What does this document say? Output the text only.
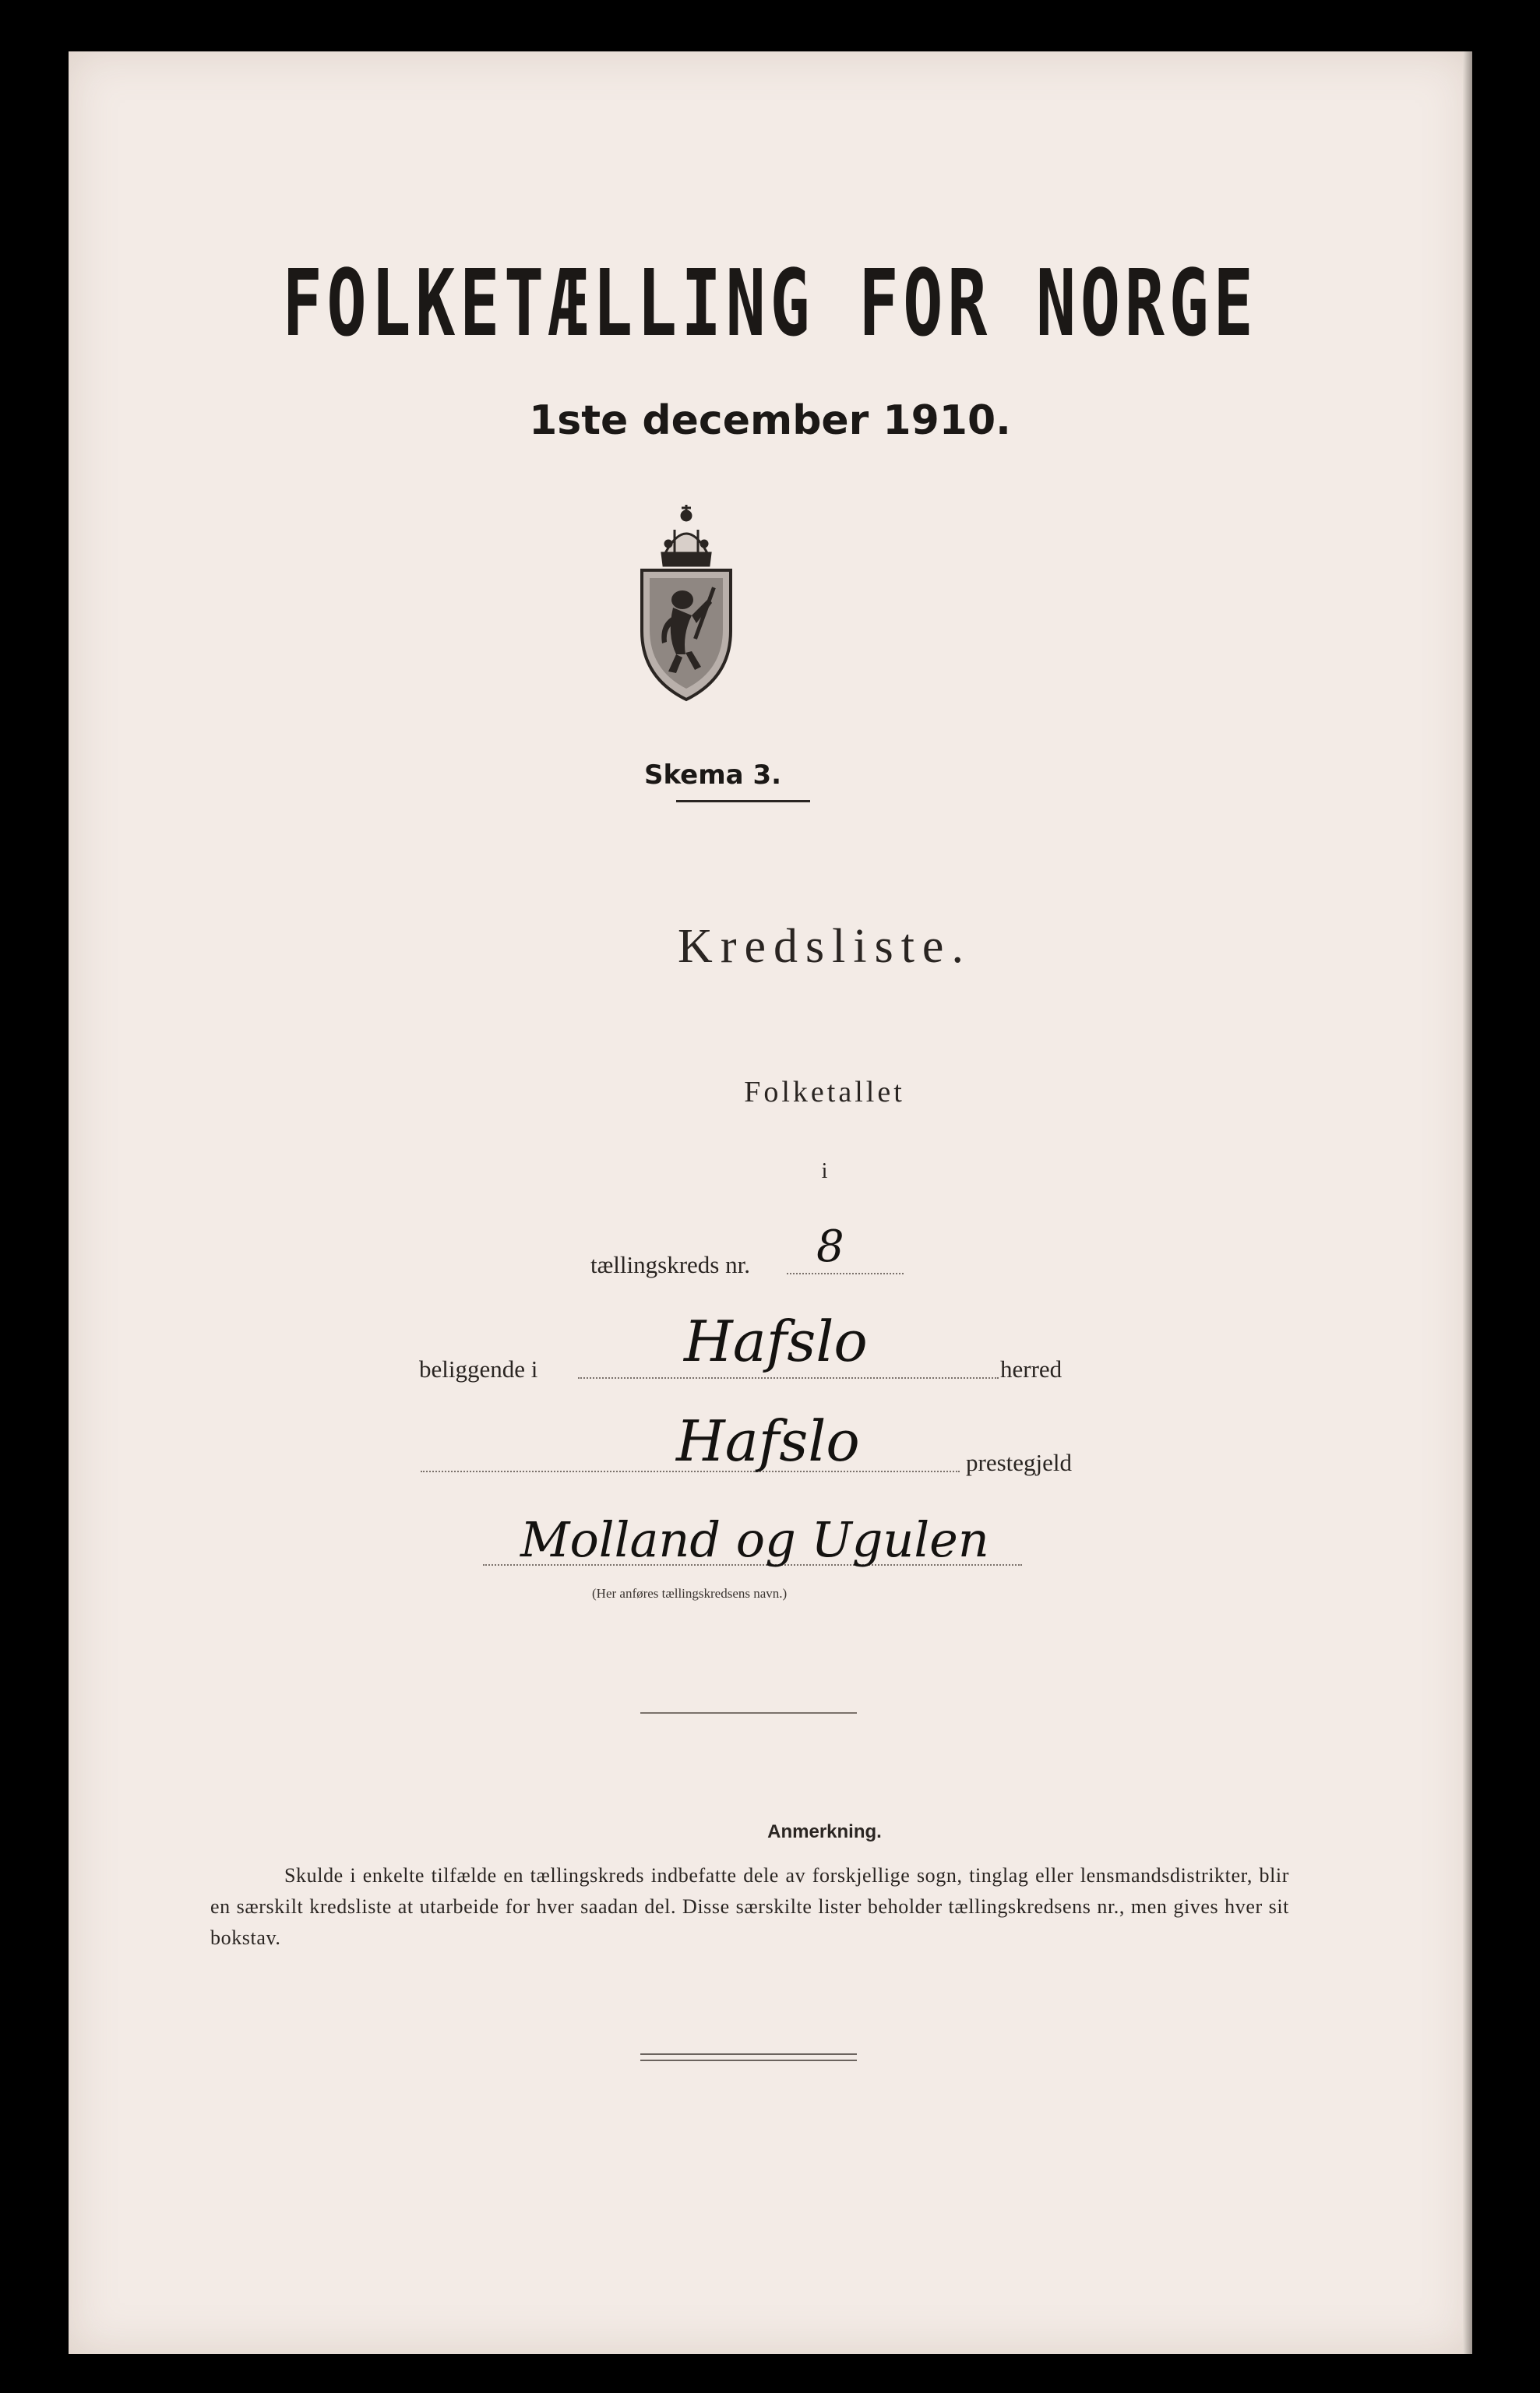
FOLKETÆLLING FOR NORGE
1ste december 1910.
Skema 3.
Kredsliste.
Folketallet
i
tællingskreds nr. 8
beliggende i	Hafslo	herred
Hafslo	prestegjeld
Molland og Ugulen
(Her anføres tællingskredsens navn.)
Anmerkning.
Skulde i enkelte tilfælde en tællingskreds indbefatte dele av forskjellige sogn, tinglag eller lensmandsdistrikter, blir en særskilt kredsliste at utarbeide for hver saadan del. Disse særskilte lister beholder tællingskredsens nr., men gives hver sit bokstav.
